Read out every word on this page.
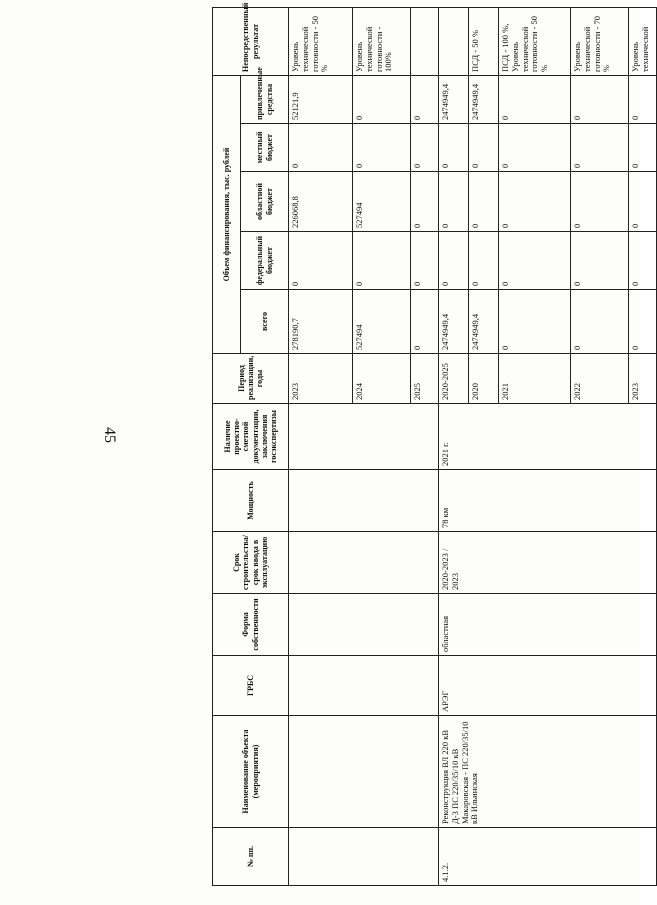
45
№ пп.	Наименование объекта (мероприятия)	ГРБС	Форма собственности	Срок строительства/срок ввода в эксплуатацию	Мощность	Наличие проектно-сметной документации, заключения госэкспертизы	Период реализации, годы	Объем финансирования, тыс. рублей					Непосредственный результат
								всего	федеральный бюджет	областной бюджет	местный бюджет	привлеченные средства	
							2023	278190,7	0	226068,8	0	52121,9	Уровень технической готовности - 50 %
							2024	527494	0	527494	0	0	Уровень технической готовности - 100%
							2025	0	0	0	0	0	
4.1.2.	Реконструкция ВЛ 220 кВ Д-3 ПС 220/35/10 кВ Макаровская - ПС 220/35/10 кВ Ильинская	АРЭГ	областная	2020-2023 / 2023	78 км	2021 г.	2020-2025	2474949,4	0	0	0	2474949,4	
							2020	2474949,4	0	0	0	2474949,4	ПСД - 50 %
							2021	0	0	0	0	0	ПСД - 100 %, Уровень технической готовности - 50 %
							2022	0	0	0	0	0	Уровень технической готовности - 70 %
							2023	0	0	0	0	0	Уровень технической
